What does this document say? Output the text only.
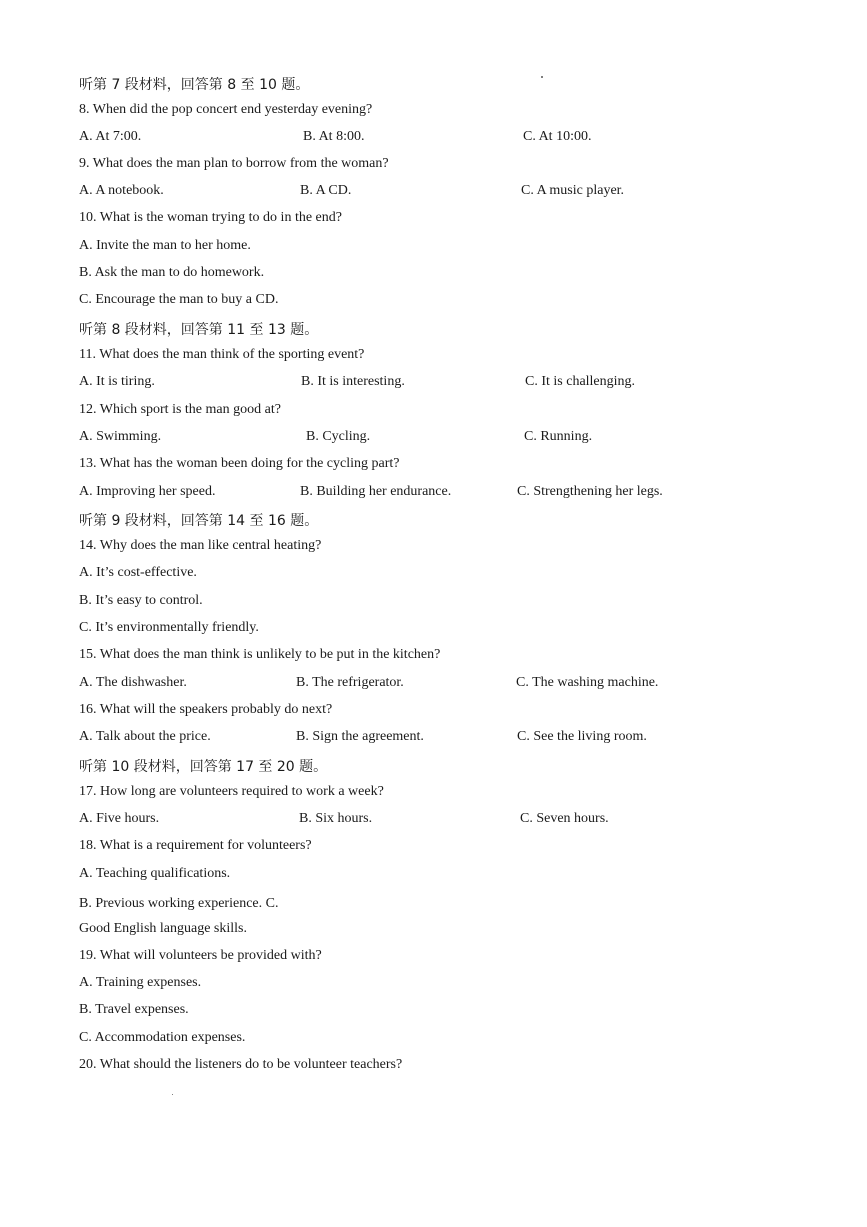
听第 7 段材料，回答第 8 至 10 题。
8. When did the pop concert end yesterday evening?
A. At 7:00.	B. At 8:00.	C. At 10:00.
9. What does the man plan to borrow from the woman?
A. A notebook.	B. A CD.	C. A music player.
10. What is the woman trying to do in the end?
A. Invite the man to her home.
B. Ask the man to do homework.
C. Encourage the man to buy a CD.
听第 8 段材料，回答第 11 至 13 题。
11. What does the man think of the sporting event?
A. It is tiring.	B. It is interesting.	C. It is challenging.
12. Which sport is the man good at?
A. Swimming.	B. Cycling.	C. Running.
13. What has the woman been doing for the cycling part?
A. Improving her speed.	B. Building her endurance.	C. Strengthening her legs.
听第 9 段材料，回答第 14 至 16 题。
14. Why does the man like central heating?
A. It’s cost-effective.
B. It’s easy to control.
C. It’s environmentally friendly.
15. What does the man think is unlikely to be put in the kitchen?
A. The dishwasher.	B. The refrigerator.	C. The washing machine.
16. What will the speakers probably do next?
A. Talk about the price.	B. Sign the agreement.	C. See the living room.
听第 10 段材料，回答第 17 至 20 题。
17. How long are volunteers required to work a week?
A. Five hours.	B. Six hours.	C. Seven hours.
18. What is a requirement for volunteers?
A. Teaching qualifications.
B. Previous working experience. C.
Good English language skills.
19. What will volunteers be provided with?
A. Training expenses.
B. Travel expenses.
C. Accommodation expenses.
20. What should the listeners do to be volunteer teachers?
